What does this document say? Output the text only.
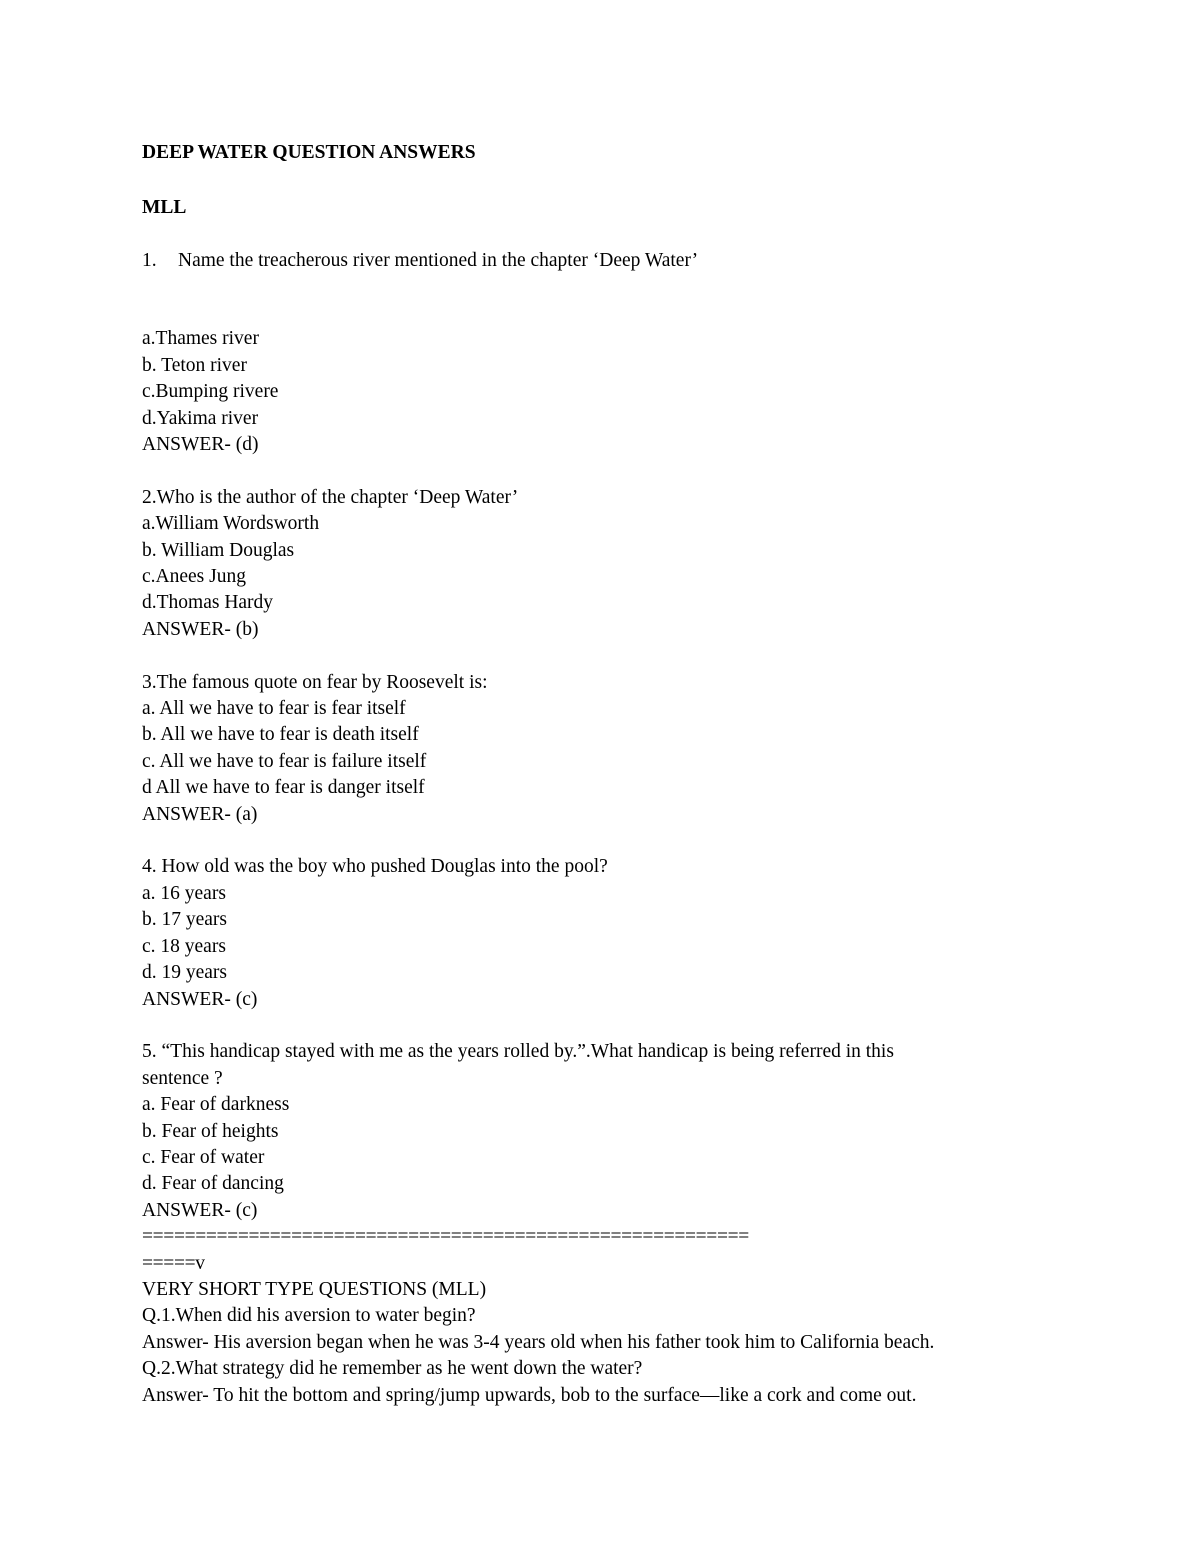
DEEP WATER QUESTION ANSWERS

MLL

1.	Name the treacherous river mentioned in the chapter ‘Deep Water’

a.Thames river

b. Teton river

c.Bumping rivere

d.Yakima river

ANSWER- (d)

2.Who is the author of the chapter ‘Deep Water’

a.William Wordsworth

b. William Douglas

c.Anees Jung

d.Thomas Hardy

ANSWER- (b)

3.The famous quote on fear by Roosevelt is:

a. All we have to fear is fear itself

b. All we have to fear is death itself

c. All we have to fear is failure itself

d All we have to fear is danger itself

ANSWER- (a)

4. How old was the boy who pushed Douglas into the pool?

a. 16 years

b. 17 years

c. 18 years

d. 19 years

ANSWER- (c)

5. “This handicap stayed with me as the years rolled by.”.What handicap is being referred in this

sentence ?

a. Fear of darkness

b. Fear of heights

c. Fear of water

d. Fear of dancing

ANSWER- (c)

=========================================================

=====v

VERY SHORT TYPE QUESTIONS (MLL)

Q.1.When did his aversion to water begin?

Answer- His aversion began when he was 3-4 years old when his father took him to California beach.

Q.2.What strategy did he remember as he went down the water?

Answer- To hit the bottom and spring/jump upwards, bob to the surface—like a cork and come out.
